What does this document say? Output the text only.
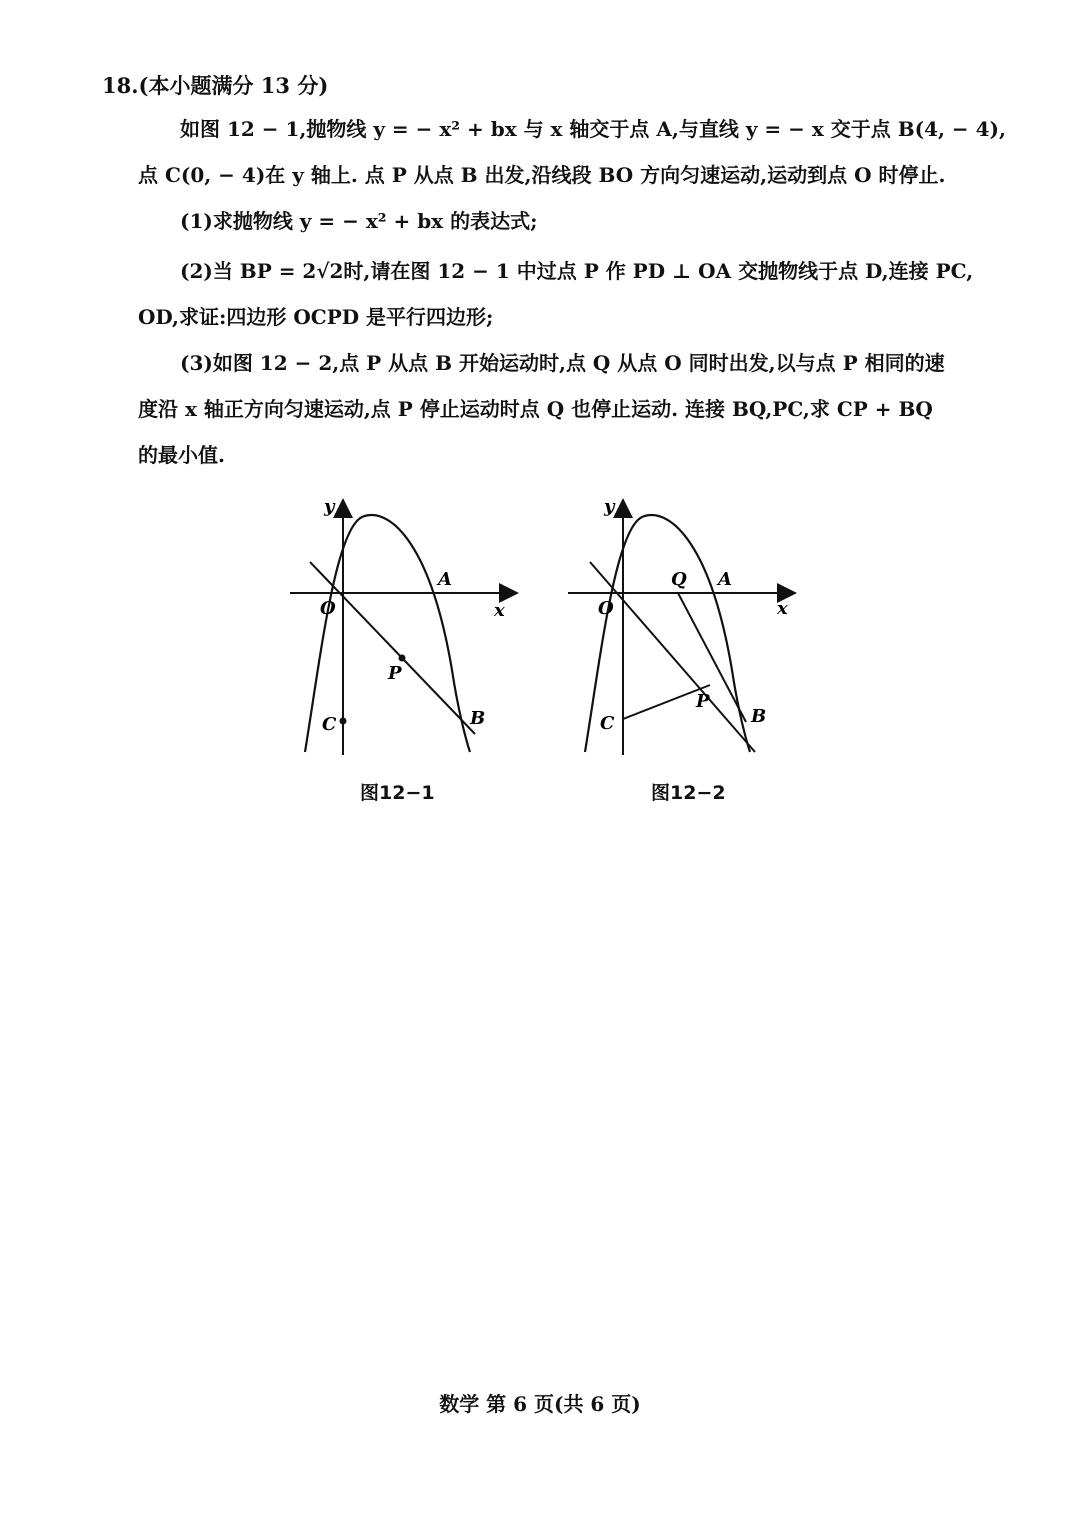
18.(本小题满分 13 分)
如图 12 − 1,抛物线 y = − x² + bx 与 x 轴交于点 A,与直线 y = − x 交于点 B(4, − 4),
点 C(0, − 4)在 y 轴上. 点 P 从点 B 出发,沿线段 BO 方向匀速运动,运动到点 O 时停止.
(1)求抛物线 y = − x² + bx 的表达式;
(2)当 BP = 2√2时,请在图 12 − 1 中过点 P 作 PD ⊥ OA 交抛物线于点 D,连接 PC,
OD,求证:四边形 OCPD 是平行四边形;
(3)如图 12 − 2,点 P 从点 B 开始运动时,点 Q 从点 O 同时出发,以与点 P 相同的速
度沿 x 轴正方向匀速运动,点 P 停止运动时点 Q 也停止运动. 连接 BQ,PC,求 CP + BQ
的最小值.
y
x
O
A
P
B
C
y
x
O
Q A
P
B
C
图12−1	图12−2
数学 第 6 页(共 6 页)
